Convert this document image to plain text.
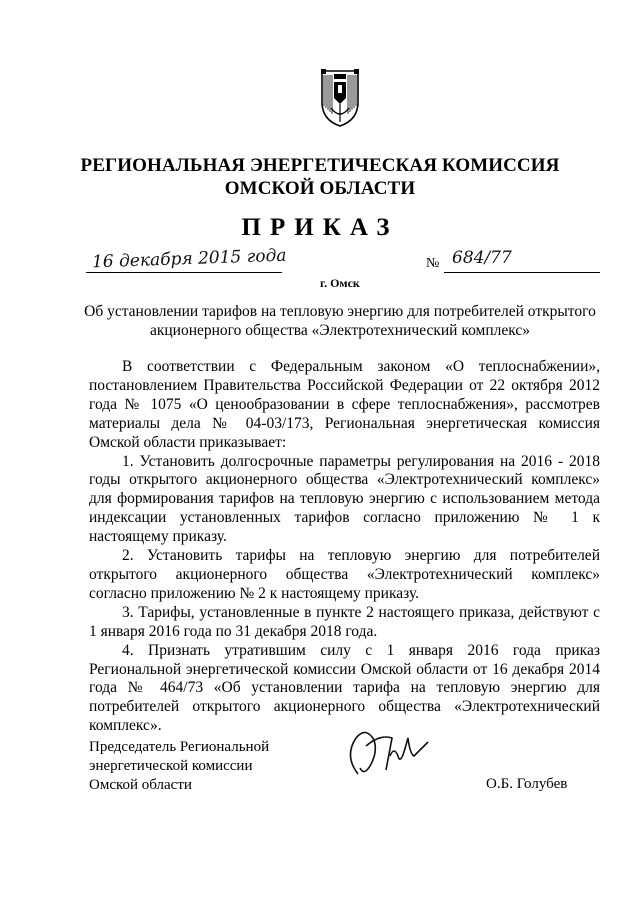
РЕГИОНАЛЬНАЯ ЭНЕРГЕТИЧЕСКАЯ КОМИССИЯ
ОМСКОЙ ОБЛАСТИ
ПРИКАЗ
16 декабря 2015 года
г. Омск
№ 684/77
Об установлении тарифов на тепловую энергию для потребителей открытого
акционерного общества «Электротехнический комплекс»

В соответствии с Федеральным законом «О теплоснабжении», постановлением Правительства Российской Федерации от 22 октября 2012 года № 1075 «О ценообразовании в сфере теплоснабжения», рассмотрев материалы дела № 04-03/173, Региональная энергетическая комиссия Омской области приказывает:

1. Установить долгосрочные параметры регулирования на 2016 - 2018 годы открытого акционерного общества «Электротехнический комплекс» для формирования тарифов на тепловую энергию с использованием метода индексации установленных тарифов согласно приложению № 1 к настоящему приказу.

2. Установить тарифы на тепловую энергию для потребителей открытого акционерного общества «Электротехнический комплекс» согласно приложению № 2 к настоящему приказу.

3. Тарифы, установленные в пункте 2 настоящего приказа, действуют с 1 января 2016 года по 31 декабря 2018 года.

4. Признать утратившим силу с 1 января 2016 года приказ Региональной энергетической комиссии Омской области от 16 декабря 2014 года № 464/73 «Об установлении тарифа на тепловую энергию для потребителей открытого акционерного общества «Электротехнический комплекс».

Председатель Региональной
энергетической комиссии
Омской области	О.Б. Голубев
